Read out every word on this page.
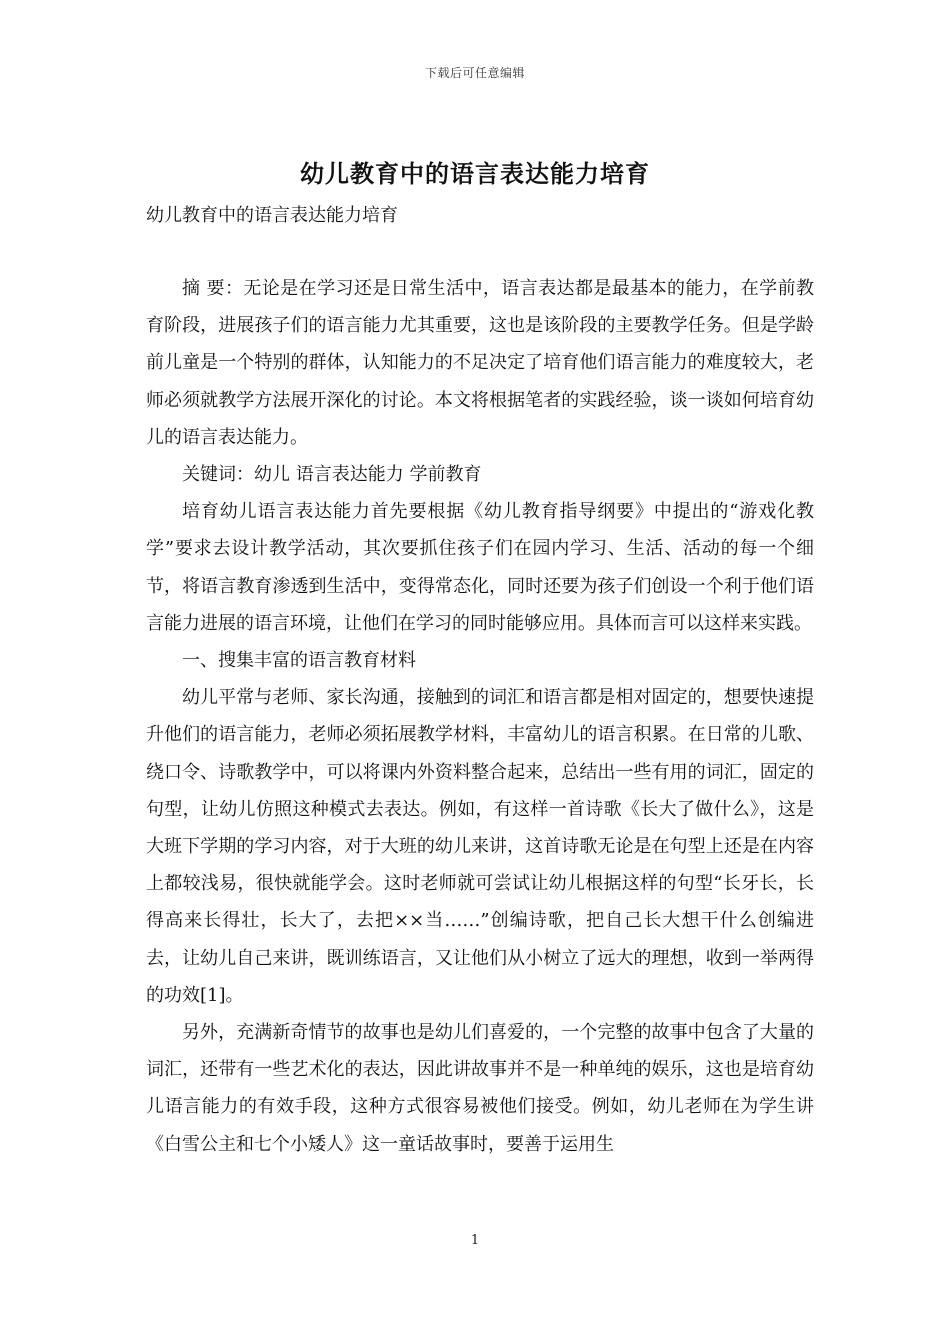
下载后可任意编辑
幼儿教育中的语言表达能力培育

幼儿教育中的语言表达能力培育

摘 要：无论是在学习还是日常生活中，语言表达都是最基本的能力，在学前教育阶段，进展孩子们的语言能力尤其重要，这也是该阶段的主要教学任务。但是学龄前儿童是一个特别的群体，认知能力的不足决定了培育他们语言能力的难度较大，老师必须就教学方法展开深化的讨论。本文将根据笔者的实践经验，谈一谈如何培育幼儿的语言表达能力。

关键词：幼儿 语言表达能力 学前教育

培育幼儿语言表达能力首先要根据《幼儿教育指导纲要》中提出的“游戏化教学”要求去设计教学活动，其次要抓住孩子们在园内学习、生活、活动的每一个细节，将语言教育渗透到生活中，变得常态化，同时还要为孩子们创设一个利于他们语言能力进展的语言环境，让他们在学习的同时能够应用。具体而言可以这样来实践。

一、搜集丰富的语言教育材料

幼儿平常与老师、家长沟通，接触到的词汇和语言都是相对固定的，想要快速提升他们的语言能力，老师必须拓展教学材料，丰富幼儿的语言积累。在日常的儿歌、绕口令、诗歌教学中，可以将课内外资料整合起来，总结出一些有用的词汇，固定的句型，让幼儿仿照这种模式去表达。例如，有这样一首诗歌《长大了做什么》，这是大班下学期的学习内容，对于大班的幼儿来讲，这首诗歌无论是在句型上还是在内容上都较浅易，很快就能学会。这时老师就可尝试让幼儿根据这样的句型“长牙长，长得高来长得壮，长大了，去把××当……”创编诗歌，把自己长大想干什么创编进去，让幼儿自己来讲，既训练语言，又让他们从小树立了远大的理想，收到一举两得的功效[1]。

另外，充满新奇情节的故事也是幼儿们喜爱的，一个完整的故事中包含了大量的词汇，还带有一些艺术化的表达，因此讲故事并不是一种单纯的娱乐，这也是培育幼儿语言能力的有效手段，这种方式很容易被他们接受。例如，幼儿老师在为学生讲《白雪公主和七个小矮人》这一童话故事时，要善于运用生

1
